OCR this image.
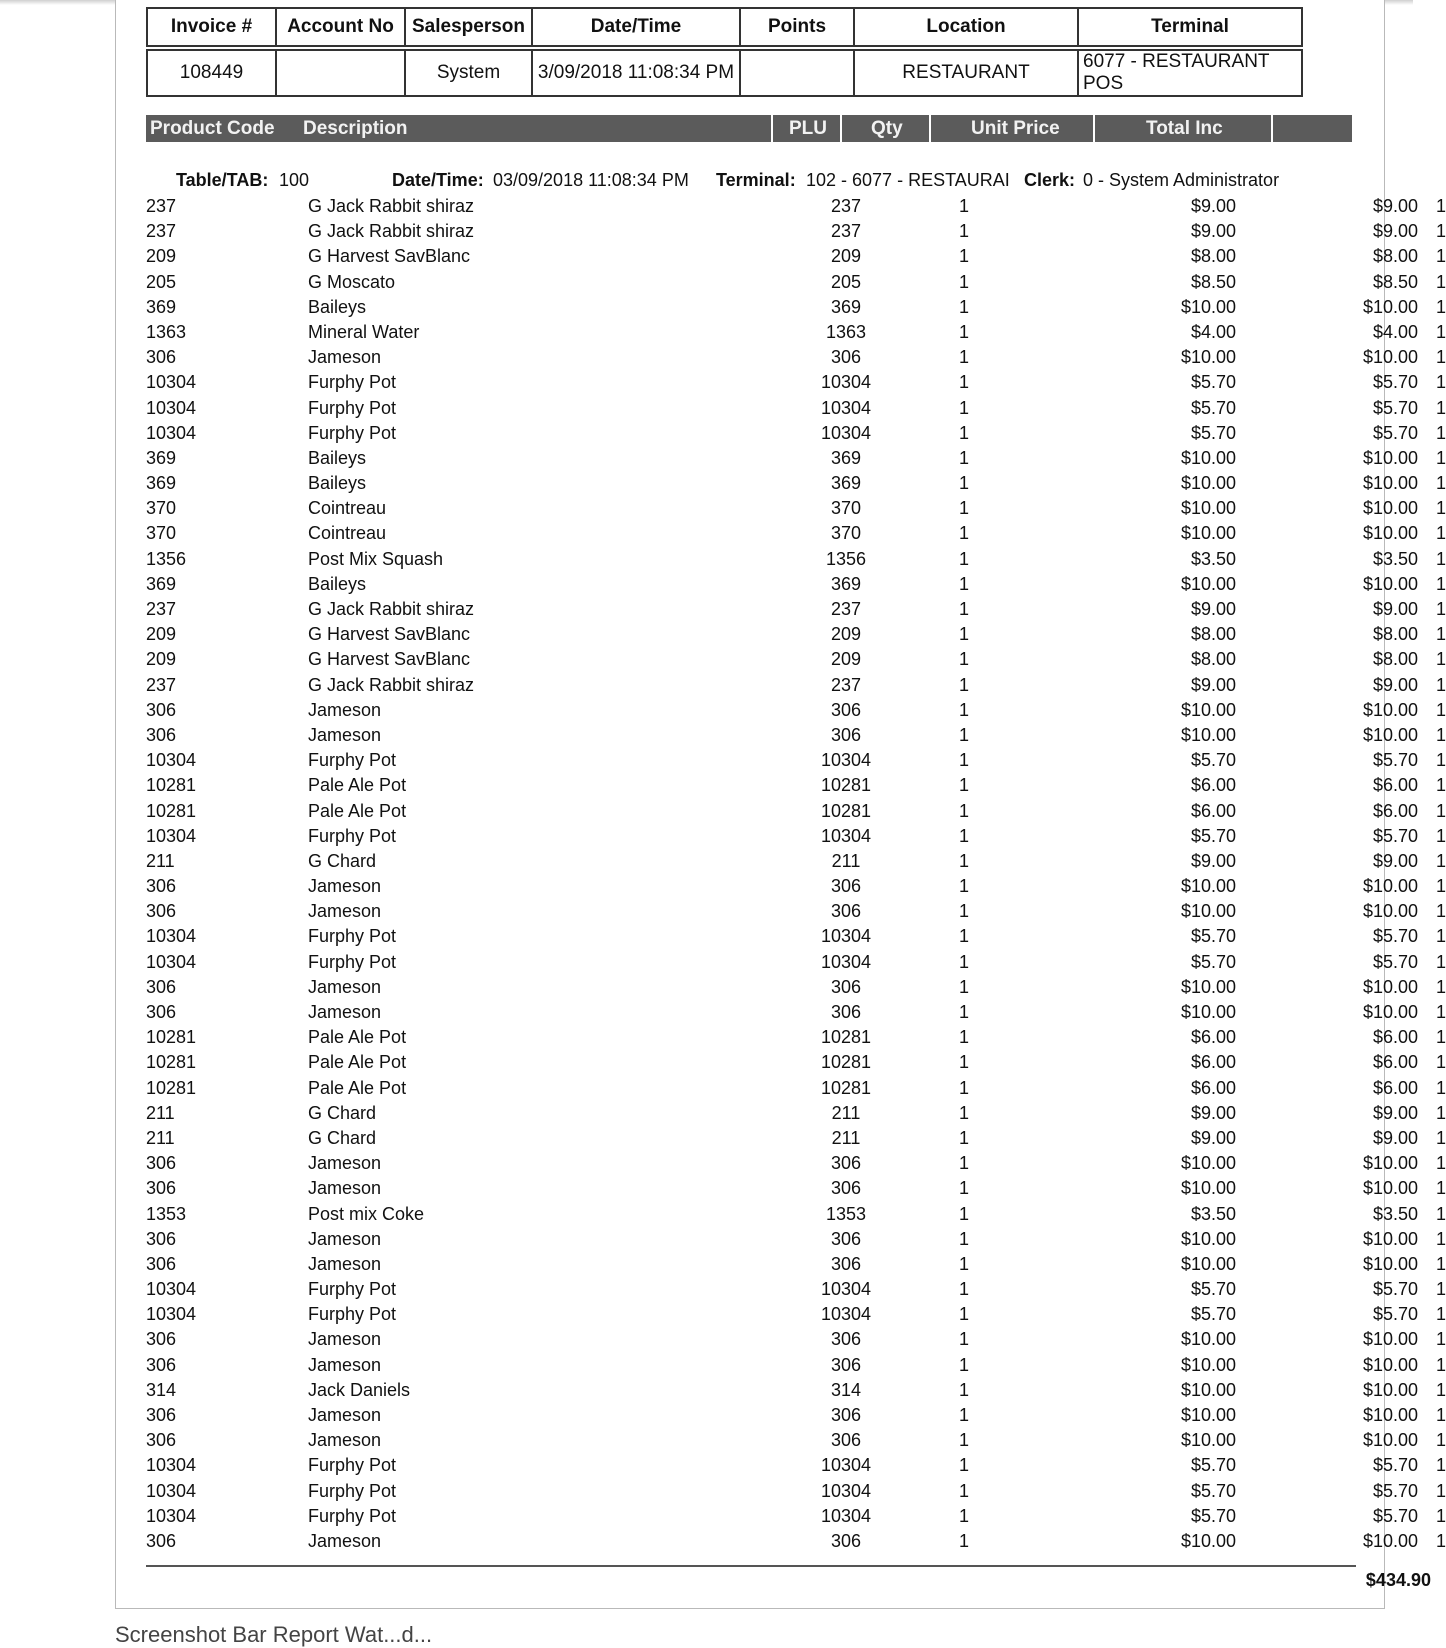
Invoice #	Account No	Salesperson	Date/Time	Points	Location	Terminal

108449		System	3/09/2018 11:08:34 PM		RESTAURANT	6077 - RESTAURANT POS
Product Code Description	PLU Qty	Unit Price	Total Inc
Table/TAB: 100	Date/Time: 03/09/2018 11:08:34 PM Terminal: 102 - 6077 - RESTAURAI Clerk: 0 - System Administrator
237	G Jack Rabbit shiraz	237	1	$9.00	$9.00 1
237	G Jack Rabbit shiraz	237	1	$9.00	$9.00 1
209	G Harvest SavBlanc	209	1	$8.00	$8.00 1
205	G Moscato	205	1	$8.50	$8.50 1
369	Baileys	369	1	$10.00	$10.00 1
1363	Mineral Water	1363	1	$4.00	$4.00 1
306	Jameson	306	1	$10.00	$10.00 1
10304	Furphy Pot	10304	1	$5.70	$5.70 1
10304	Furphy Pot	10304	1	$5.70	$5.70 1
10304	Furphy Pot	10304	1	$5.70	$5.70 1
369	Baileys	369	1	$10.00	$10.00 1
369	Baileys	369	1	$10.00	$10.00 1
370	Cointreau	370	1	$10.00	$10.00 1
370	Cointreau	370	1	$10.00	$10.00 1
1356	Post Mix Squash	1356	1	$3.50	$3.50 1
369	Baileys	369	1	$10.00	$10.00 1
237	G Jack Rabbit shiraz	237	1	$9.00	$9.00 1
209	G Harvest SavBlanc	209	1	$8.00	$8.00 1
209	G Harvest SavBlanc	209	1	$8.00	$8.00 1
237	G Jack Rabbit shiraz	237	1	$9.00	$9.00 1
306	Jameson	306	1	$10.00	$10.00 1
306	Jameson	306	1	$10.00	$10.00 1
10304	Furphy Pot	10304	1	$5.70	$5.70 1
10281	Pale Ale Pot	10281	1	$6.00	$6.00 1
10281	Pale Ale Pot	10281	1	$6.00	$6.00 1
10304	Furphy Pot	10304	1	$5.70	$5.70 1
211	G Chard	211	1	$9.00	$9.00 1
306	Jameson	306	1	$10.00	$10.00 1
306	Jameson	306	1	$10.00	$10.00 1
10304	Furphy Pot	10304	1	$5.70	$5.70 1
10304	Furphy Pot	10304	1	$5.70	$5.70 1
306	Jameson	306	1	$10.00	$10.00 1
306	Jameson	306	1	$10.00	$10.00 1
10281	Pale Ale Pot	10281	1	$6.00	$6.00 1
10281	Pale Ale Pot	10281	1	$6.00	$6.00 1
10281	Pale Ale Pot	10281	1	$6.00	$6.00 1
211	G Chard	211	1	$9.00	$9.00 1
211	G Chard	211	1	$9.00	$9.00 1
306	Jameson	306	1	$10.00	$10.00 1
306	Jameson	306	1	$10.00	$10.00 1
1353	Post mix Coke	1353	1	$3.50	$3.50 1
306	Jameson	306	1	$10.00	$10.00 1
306	Jameson	306	1	$10.00	$10.00 1
10304	Furphy Pot	10304	1	$5.70	$5.70 1
10304	Furphy Pot	10304	1	$5.70	$5.70 1
306	Jameson	306	1	$10.00	$10.00 1
306	Jameson	306	1	$10.00	$10.00 1
314	Jack Daniels	314	1	$10.00	$10.00 1
306	Jameson	306	1	$10.00	$10.00 1
306	Jameson	306	1	$10.00	$10.00 1
10304	Furphy Pot	10304	1	$5.70	$5.70 1
10304	Furphy Pot	10304	1	$5.70	$5.70 1
10304	Furphy Pot	10304	1	$5.70	$5.70 1
306	Jameson	306	1	$10.00	$10.00 1
$434.90
Screenshot Bar Report Wat...d...
